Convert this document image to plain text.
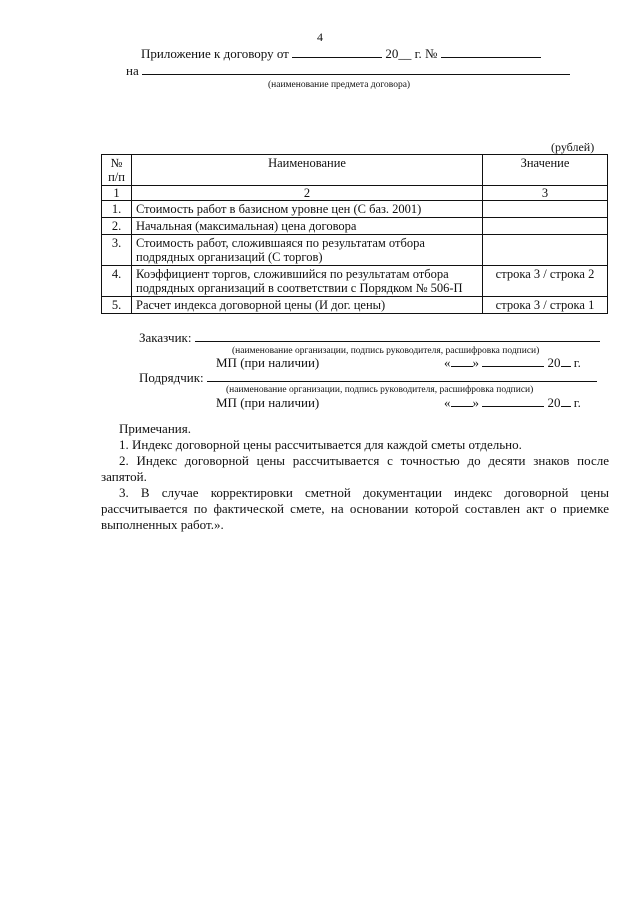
4
Приложение к договору от	20__ г. №
на
(наименование предмета договора)
(рублей)
№ п/п	Наименование	Значение
1	2	3
1.	Стоимость работ в базисном уровне цен (С баз. 2001)	
2.	Начальная (максимальная) цена договора	
3.	Стоимость работ, сложившаяся по результатам отбора подрядных организаций (С торгов)	
4.	Коэффициент торгов, сложившийся по результатам отбора подрядных организаций в соответствии с Порядком № 506-П	строка 3 / строка 2
5.	Расчет индекса договорной цены (И дог. цены)	строка 3 / строка 1
Заказчик:
(наименование организации, подпись руководителя, расшифровка подписи)
МП (при наличии)	« »	20 г.
Подрядчик:
(наименование организации, подпись руководителя, расшифровка подписи)
МП (при наличии)	« »	20 г.

Примечания.

1. Индекс договорной цены рассчитывается для каждой сметы отдельно.

2. Индекс договорной цены рассчитывается с точностью до десяти знаков после запятой.

3. В случае корректировки сметной документации индекс договорной цены рассчитывается по фактической смете, на основании которой составлен акт о приемке выполненных работ.».
